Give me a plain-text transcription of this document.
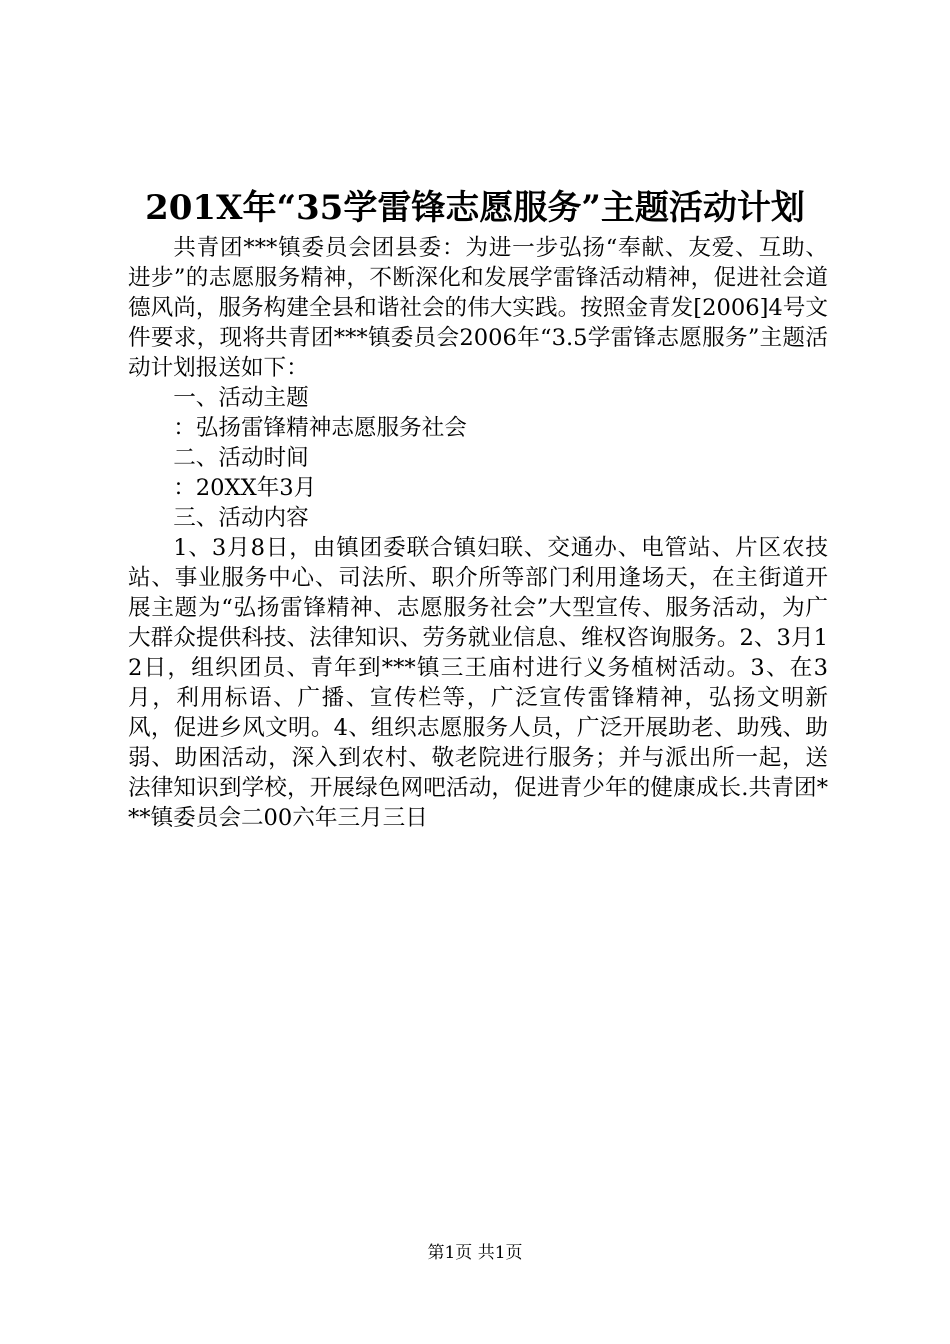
201X年“35学雷锋志愿服务”主题活动计划

共青团***镇委员会团县委：为进一步弘扬“奉献、友爱、互助、进步”的志愿服务精神，不断深化和发展学雷锋活动精神，促进社会道德风尚，服务构建全县和谐社会的伟大实践。按照金青发[2006]4号文件要求，现将共青团***镇委员会2006年“3.5学雷锋志愿服务”主题活动计划报送如下：

一、活动主题

：弘扬雷锋精神志愿服务社会

二、活动时间

：20XX年3月

三、活动内容

1、3月8日，由镇团委联合镇妇联、交通办、电管站、片区农技站、事业服务中心、司法所、职介所等部门利用逢场天，在主街道开展主题为“弘扬雷锋精神、志愿服务社会”大型宣传、服务活动，为广大群众提供科技、法律知识、劳务就业信息、维权咨询服务。2、3月12日，组织团员、青年到***镇三王庙村进行义务植树活动。3、在3月，利用标语、广播、宣传栏等，广泛宣传雷锋精神，弘扬文明新风，促进乡风文明。4、组织志愿服务人员，广泛开展助老、助残、助弱、助困活动，深入到农村、敬老院进行服务；并与派出所一起，送法律知识到学校，开展绿色网吧活动，促进青少年的健康成长.共青团***镇委员会二00六年三月三日

第1页 共1页
